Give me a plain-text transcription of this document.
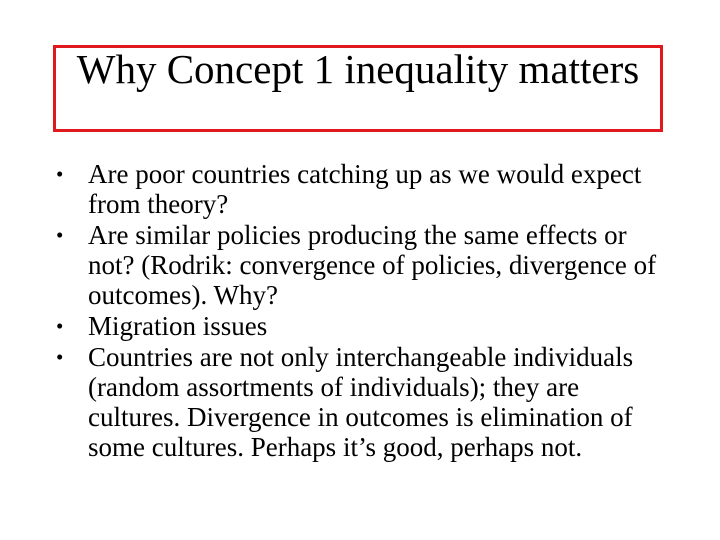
Why Concept 1 inequality matters
• Are poor countries catching up as we would expect from theory?
• Are similar policies producing the same effects or not? (Rodrik: convergence of policies, divergence of outcomes). Why?
• Migration issues
• Countries are not only interchangeable individuals (random assortments of individuals); they are cultures. Divergence in outcomes is elimination of some cultures. Perhaps it’s good, perhaps not.
